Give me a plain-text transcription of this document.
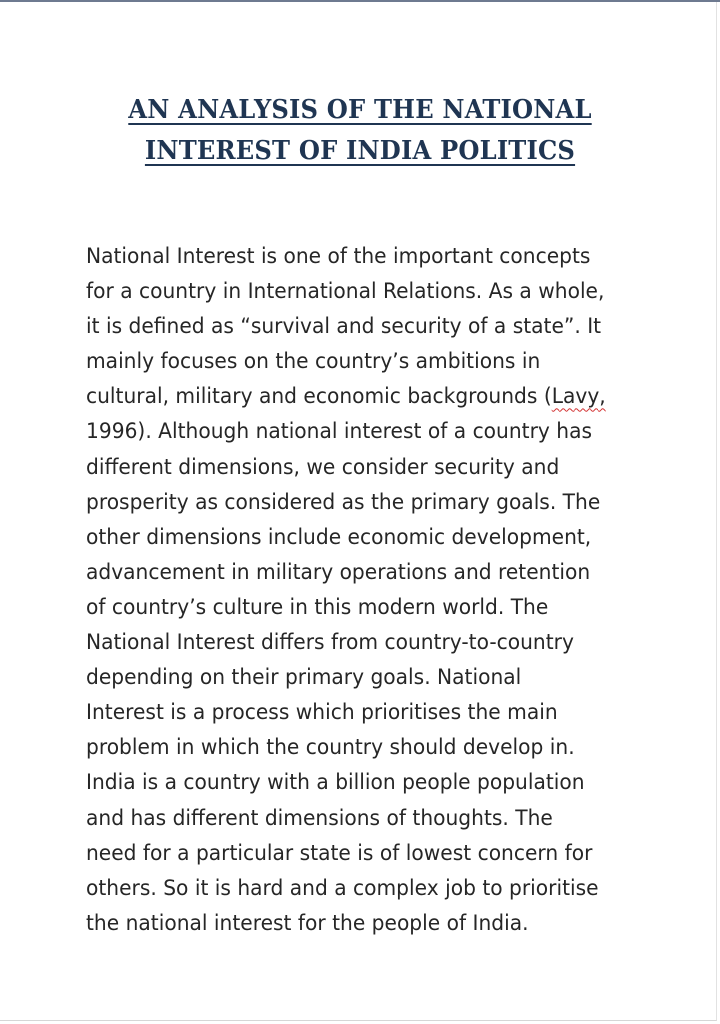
AN ANALYSIS OF THE NATIONAL
INTEREST OF INDIA POLITICS

National Interest is one of the important concepts
for a country in International Relations. As a whole,
it is defined as “survival and security of a state”. It
mainly focuses on the country’s ambitions in
cultural, military and economic backgrounds (Lavy,
1996). Although national interest of a country has
different dimensions, we consider security and
prosperity as considered as the primary goals. The
other dimensions include economic development,
advancement in military operations and retention
of country’s culture in this modern world. The
National Interest differs from country-to-country
depending on their primary goals. National
Interest is a process which prioritises the main
problem in which the country should develop in.
India is a country with a billion people population
and has different dimensions of thoughts. The
need for a particular state is of lowest concern for
others. So it is hard and a complex job to prioritise
the national interest for the people of India.
